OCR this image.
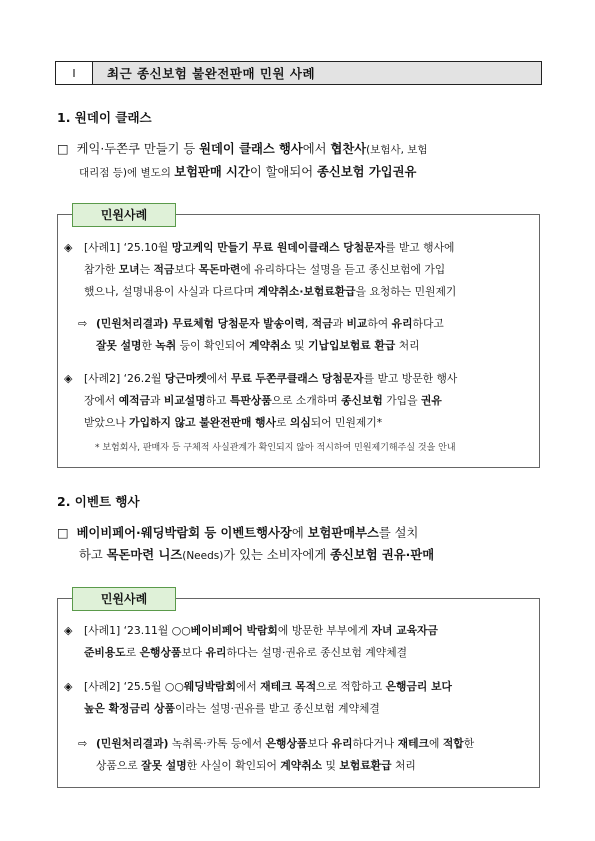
Ⅰ	최근 종신보험 불완전판매 민원 사례
1. 원데이 클래스
□ 케익·두쫀쿠 만들기 등 원데이 클래스 행사에서 협찬사(보험사, 보험
대리점 등)에 별도의 보험판매 시간이 할애되어 종신보험 가입권유
민원사례
◈	[사례1] ‘25.10월 망고케익 만들기 무료 원데이클래스 당첨문자를 받고 행사에
참가한 모녀는 적금보다 목돈마련에 유리하다는 설명을 듣고 종신보험에 가입
했으나, 설명내용이 사실과 다르다며 계약취소·보험료환급을 요청하는 민원제기
⇨ (민원처리결과) 무료체험 당첨문자 발송이력, 적금과 비교하여 유리하다고
잘못 설명한 녹취 등이 확인되어 계약취소 및 기납입보험료 환급 처리
◈	[사례2] ‘26.2월 당근마켓에서 무료 두쫀쿠클래스 당첨문자를 받고 방문한 행사
장에서 예적금과 비교설명하고 특판상품으로 소개하며 종신보험 가입을 권유
받았으나 가입하지 않고 불완전판매 행사로 의심되어 민원제기*
* 보험회사, 판매자 등 구체적 사실관계가 확인되지 않아 적시하여 민원제기해주실 것을 안내
2. 이벤트 행사
□ 베이비페어·웨딩박람회 등 이벤트행사장에 보험판매부스를 설치
하고 목돈마련 니즈(Needs)가 있는 소비자에게 종신보험 권유·판매
민원사례
◈	[사례1] ‘23.11월 ○○베이비페어 박람회에 방문한 부부에게 자녀 교육자금
준비용도로 은행상품보다 유리하다는 설명·권유로 종신보험 계약체결
◈	[사례2] ‘25.5월 ○○웨딩박람회에서 재테크 목적으로 적합하고 은행금리 보다
높은 확정금리 상품이라는 설명·권유를 받고 종신보험 계약체결
⇨ (민원처리결과) 녹취록·카톡 등에서 은행상품보다 유리하다거나 재테크에 적합한
상품으로 잘못 설명한 사실이 확인되어 계약취소 및 보험료환급 처리
